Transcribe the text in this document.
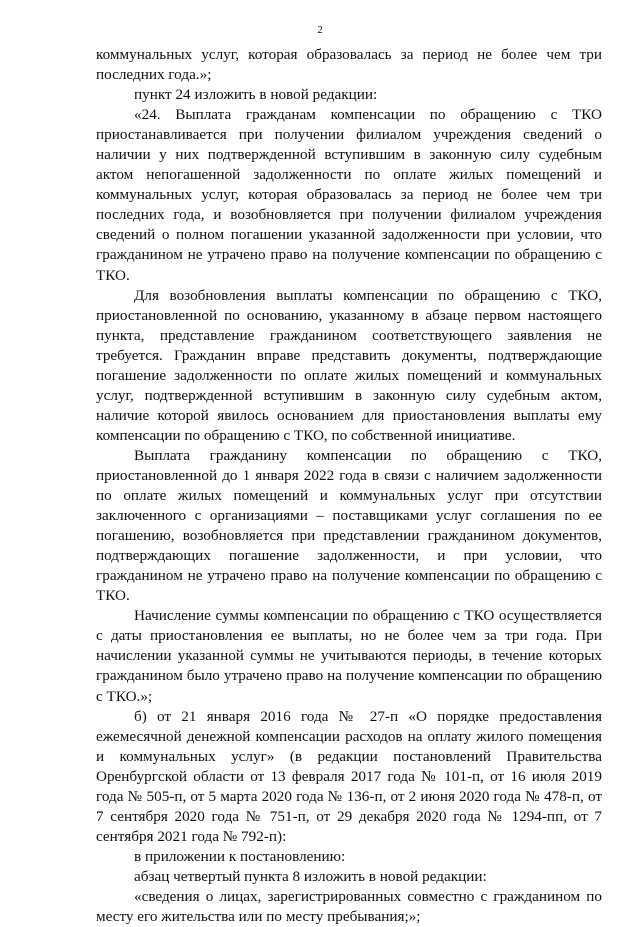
2

коммунальных услуг, которая образовалась за период не более чем три последних года.»;

пункт 24 изложить в новой редакции:

«24. Выплата гражданам компенсации по обращению с ТКО приостанавливается при получении филиалом учреждения сведений о наличии у них подтвержденной вступившим в законную силу судебным актом непогашенной задолженности по оплате жилых помещений и коммунальных услуг, которая образовалась за период не более чем три последних года, и возобновляется при получении филиалом учреждения сведений о полном погашении указанной задолженности при условии, что гражданином не утрачено право на получение компенсации по обращению с ТКО.

Для возобновления выплаты компенсации по обращению с ТКО, приостановленной по основанию, указанному в абзаце первом настоящего пункта, представление гражданином соответствующего заявления не требуется. Гражданин вправе представить документы, подтверждающие погашение задолженности по оплате жилых помещений и коммунальных услуг, подтвержденной вступившим в законную силу судебным актом, наличие которой явилось основанием для приостановления выплаты ему компенсации по обращению с ТКО, по собственной инициативе.

Выплата гражданину компенсации по обращению с ТКО, приостановленной до 1 января 2022 года в связи с наличием задолженности по оплате жилых помещений и коммунальных услуг при отсутствии заключенного с организациями – поставщиками услуг соглашения по ее погашению, возобновляется при представлении гражданином документов, подтверждающих погашение задолженности, и при условии, что гражданином не утрачено право на получение компенсации по обращению с ТКО.

Начисление суммы компенсации по обращению с ТКО осуществляется с даты приостановления ее выплаты, но не более чем за три года. При начислении указанной суммы не учитываются периоды, в течение которых гражданином было утрачено право на получение компенсации по обращению с ТКО.»;

б) от 21 января 2016 года № 27-п «О порядке предоставления ежемесячной денежной компенсации расходов на оплату жилого помещения и коммунальных услуг» (в редакции постановлений Правительства Оренбургской области от 13 февраля 2017 года № 101-п, от 16 июля 2019 года № 505-п, от 5 марта 2020 года № 136-п, от 2 июня 2020 года № 478-п, от 7 сентября 2020 года № 751-п, от 29 декабря 2020 года № 1294-пп, от 7 сентября 2021 года № 792-п):

в приложении к постановлению:

абзац четвертый пункта 8 изложить в новой редакции:

«сведения о лицах, зарегистрированных совместно с гражданином по месту его жительства или по месту пребывания;»;
